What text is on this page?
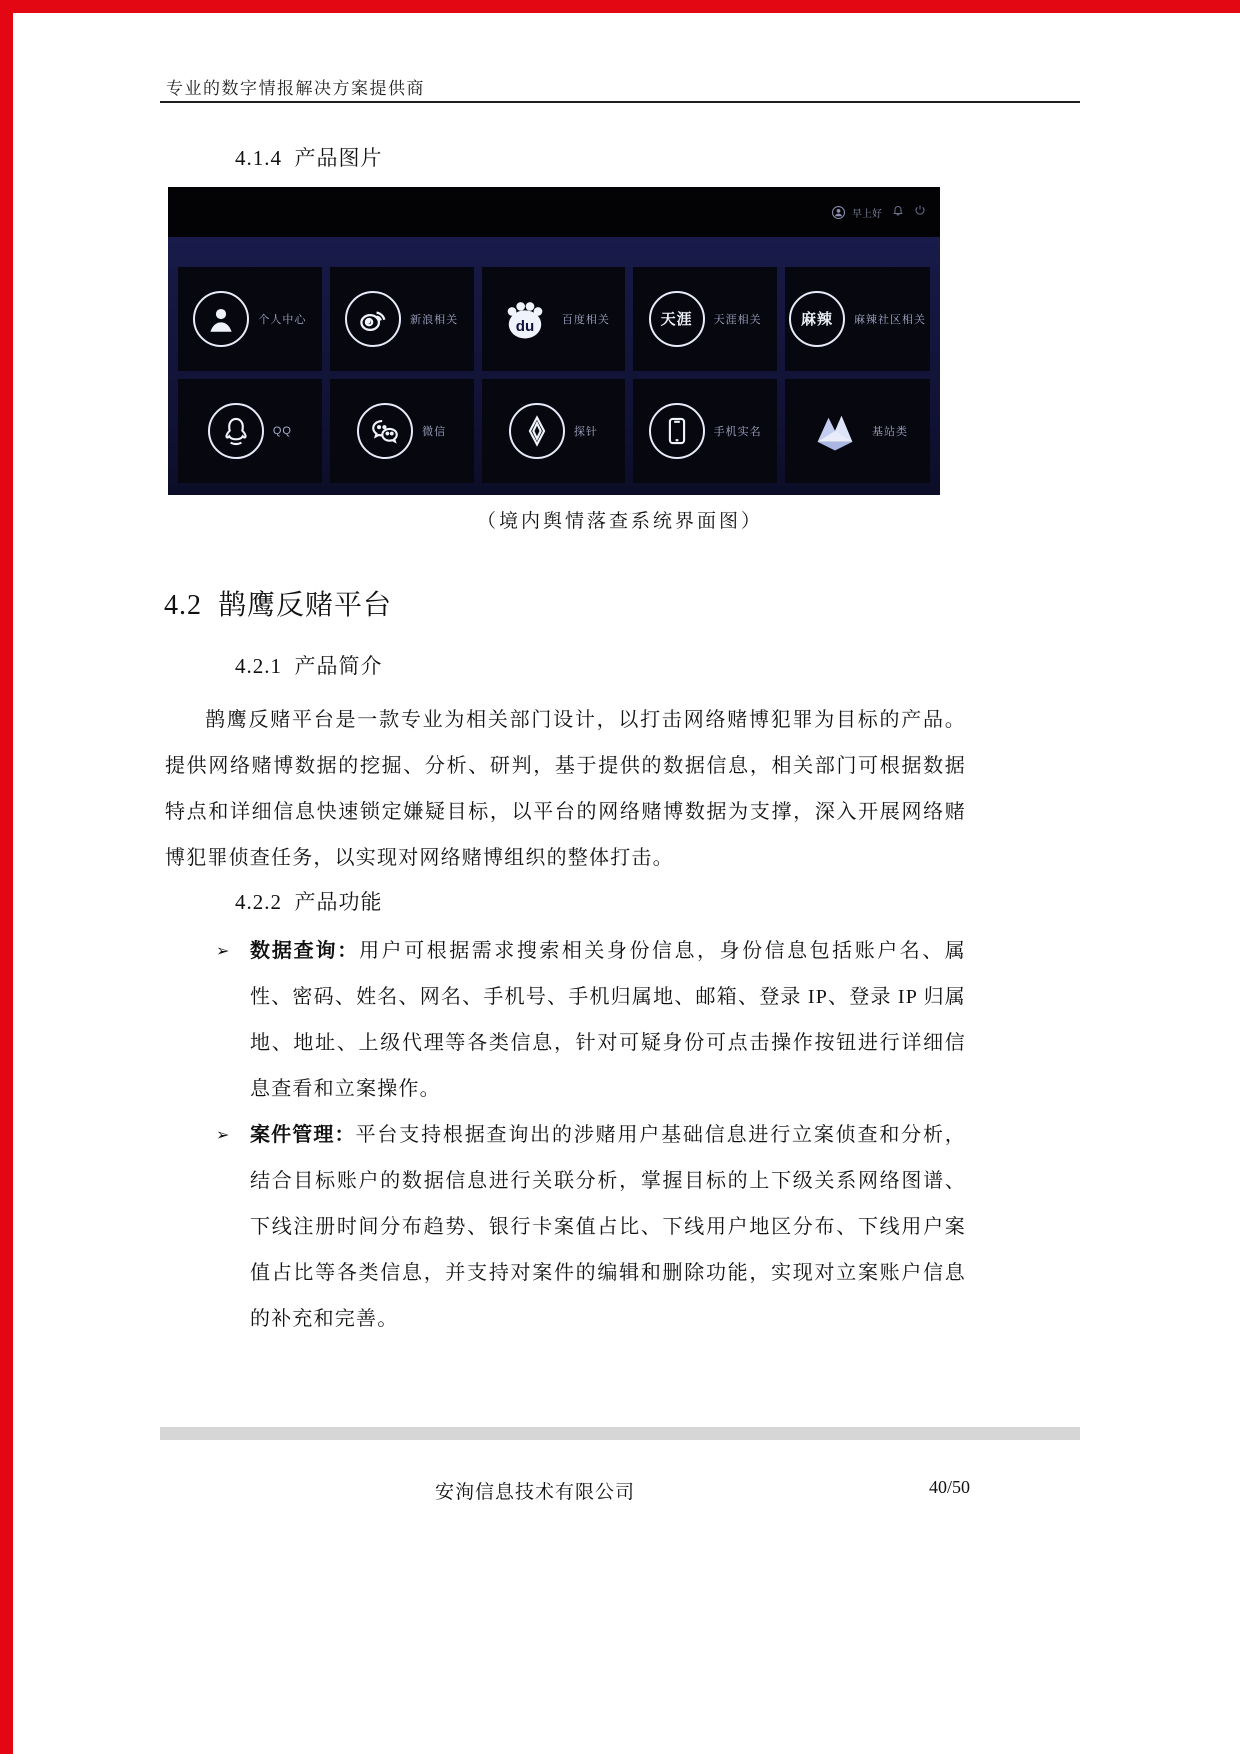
专业的数字情报解决方案提供商
4.1.4  产品图片
早上好
个人中心	新浪相关	du	百度相关	天涯 天涯相关	麻辣 麻辣社区相关
QQ	微信	探针	手机实名	基站类
（境内舆情落查系统界面图）
4.2  鹊鹰反赌平台
4.2.1  产品简介
鹊鹰反赌平台是一款专业为相关部门设计，以打击网络赌博犯罪为目标的产品。提供网络赌博数据的挖掘、分析、研判，基于提供的数据信息，相关部门可根据数据特点和详细信息快速锁定嫌疑目标，以平台的网络赌博数据为支撑，深入开展网络赌博犯罪侦查任务，以实现对网络赌博组织的整体打击。
4.2.2  产品功能
➢	数据查询：用户可根据需求搜索相关身份信息，身份信息包括账户名、属性、密码、姓名、网名、手机号、手机归属地、邮箱、登录 IP、登录 IP 归属地、地址、上级代理等各类信息，针对可疑身份可点击操作按钮进行详细信息查看和立案操作。
➢	案件管理：平台支持根据查询出的涉赌用户基础信息进行立案侦查和分析，结合目标账户的数据信息进行关联分析，掌握目标的上下级关系网络图谱、下线注册时间分布趋势、银行卡案值占比、下线用户地区分布、下线用户案值占比等各类信息，并支持对案件的编辑和删除功能，实现对立案账户信息的补充和完善。
安洵信息技术有限公司	40/50
